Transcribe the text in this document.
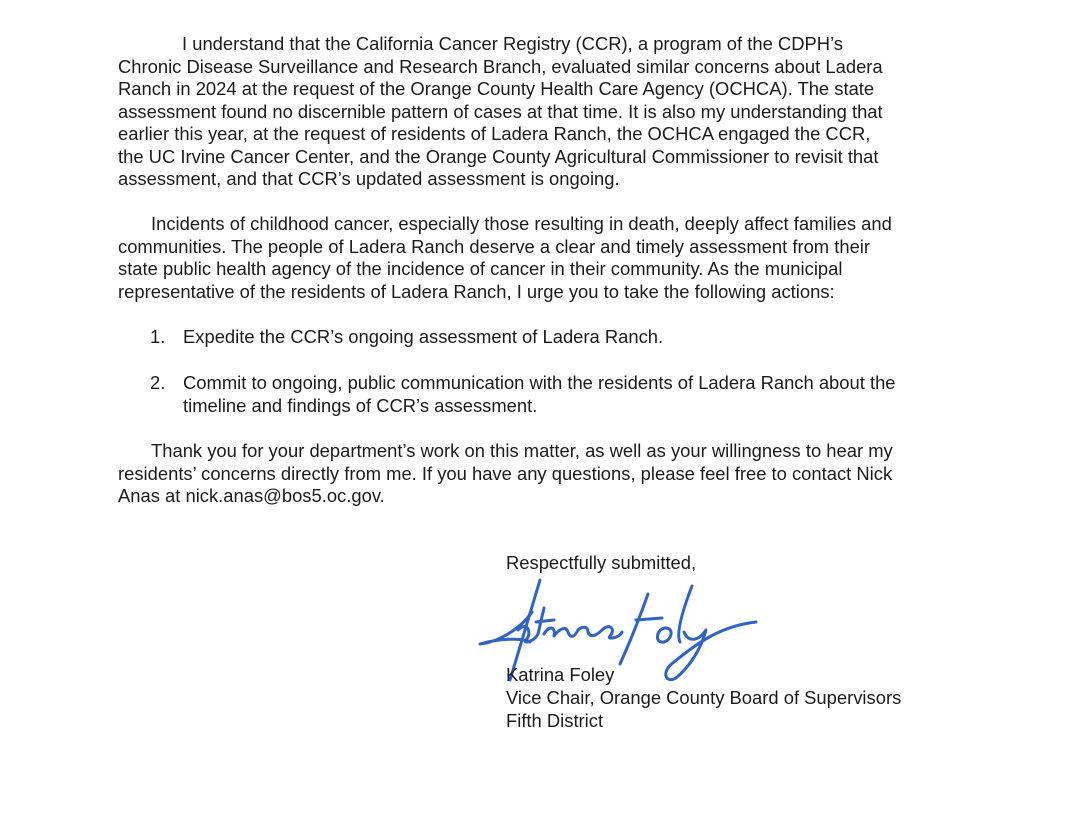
I understand that the California Cancer Registry (CCR), a program of the CDPH’s
Chronic Disease Surveillance and Research Branch, evaluated similar concerns about Ladera
Ranch in 2024 at the request of the Orange County Health Care Agency (OCHCA). The state
assessment found no discernible pattern of cases at that time. It is also my understanding that
earlier this year, at the request of residents of Ladera Ranch, the OCHCA engaged the CCR,
the UC Irvine Cancer Center, and the Orange County Agricultural Commissioner to revisit that
assessment, and that CCR’s updated assessment is ongoing.
Incidents of childhood cancer, especially those resulting in death, deeply affect families and
communities. The people of Ladera Ranch deserve a clear and timely assessment from their
state public health agency of the incidence of cancer in their community. As the municipal
representative of the residents of Ladera Ranch, I urge you to take the following actions:
1. Expedite the CCR’s ongoing assessment of Ladera Ranch.
2. Commit to ongoing, public communication with the residents of Ladera Ranch about the
timeline and findings of CCR’s assessment.
Thank you for your department’s work on this matter, as well as your willingness to hear my
residents’ concerns directly from me. If you have any questions, please feel free to contact Nick
Anas at nick.anas@bos5.oc.gov.
Respectfully submitted,
Katrina Foley
Vice Chair, Orange County Board of Supervisors
Fifth District
